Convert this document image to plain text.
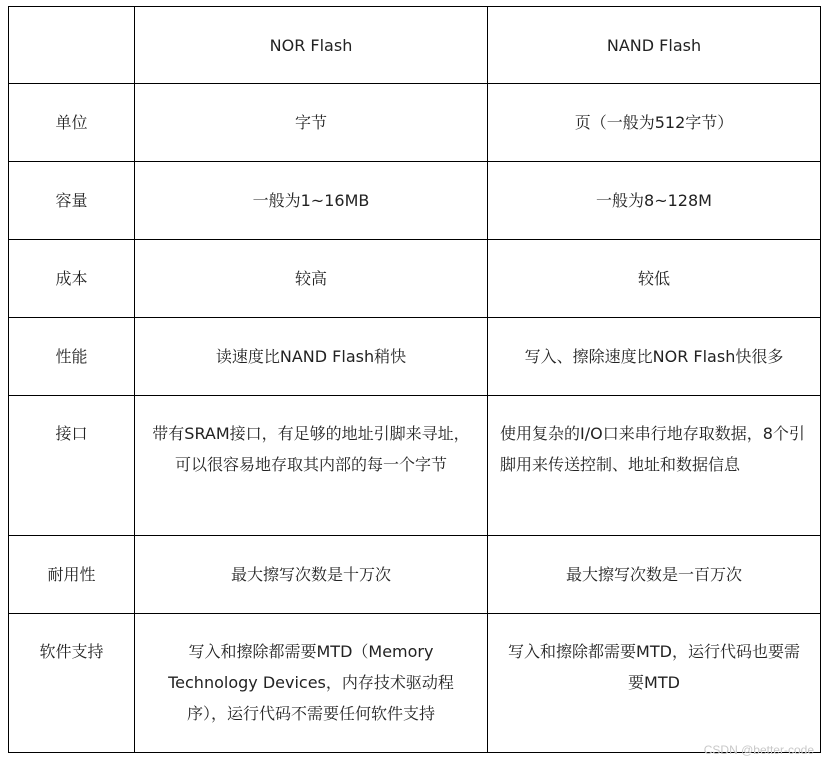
	NOR Flash	NAND Flash
单位	字节	页（一般为512字节）
容量	一般为1~16MB	一般为8~128M
成本	较高	较低
性能	读速度比NAND Flash稍快	写入、擦除速度比NOR Flash快很多
接口	带有SRAM接口，有足够的地址引脚来寻址，可以很容易地存取其内部的每一个字节	使用复杂的I/O口来串行地存取数据，8个引脚用来传送控制、地址和数据信息
耐用性	最大擦写次数是十万次	最大擦写次数是一百万次
软件支持	写入和擦除都需要MTD（Memory Technology Devices，内存技术驱动程序），运行代码不需要任何软件支持	写入和擦除都需要MTD，运行代码也要需要MTD
CSDN @better-code
